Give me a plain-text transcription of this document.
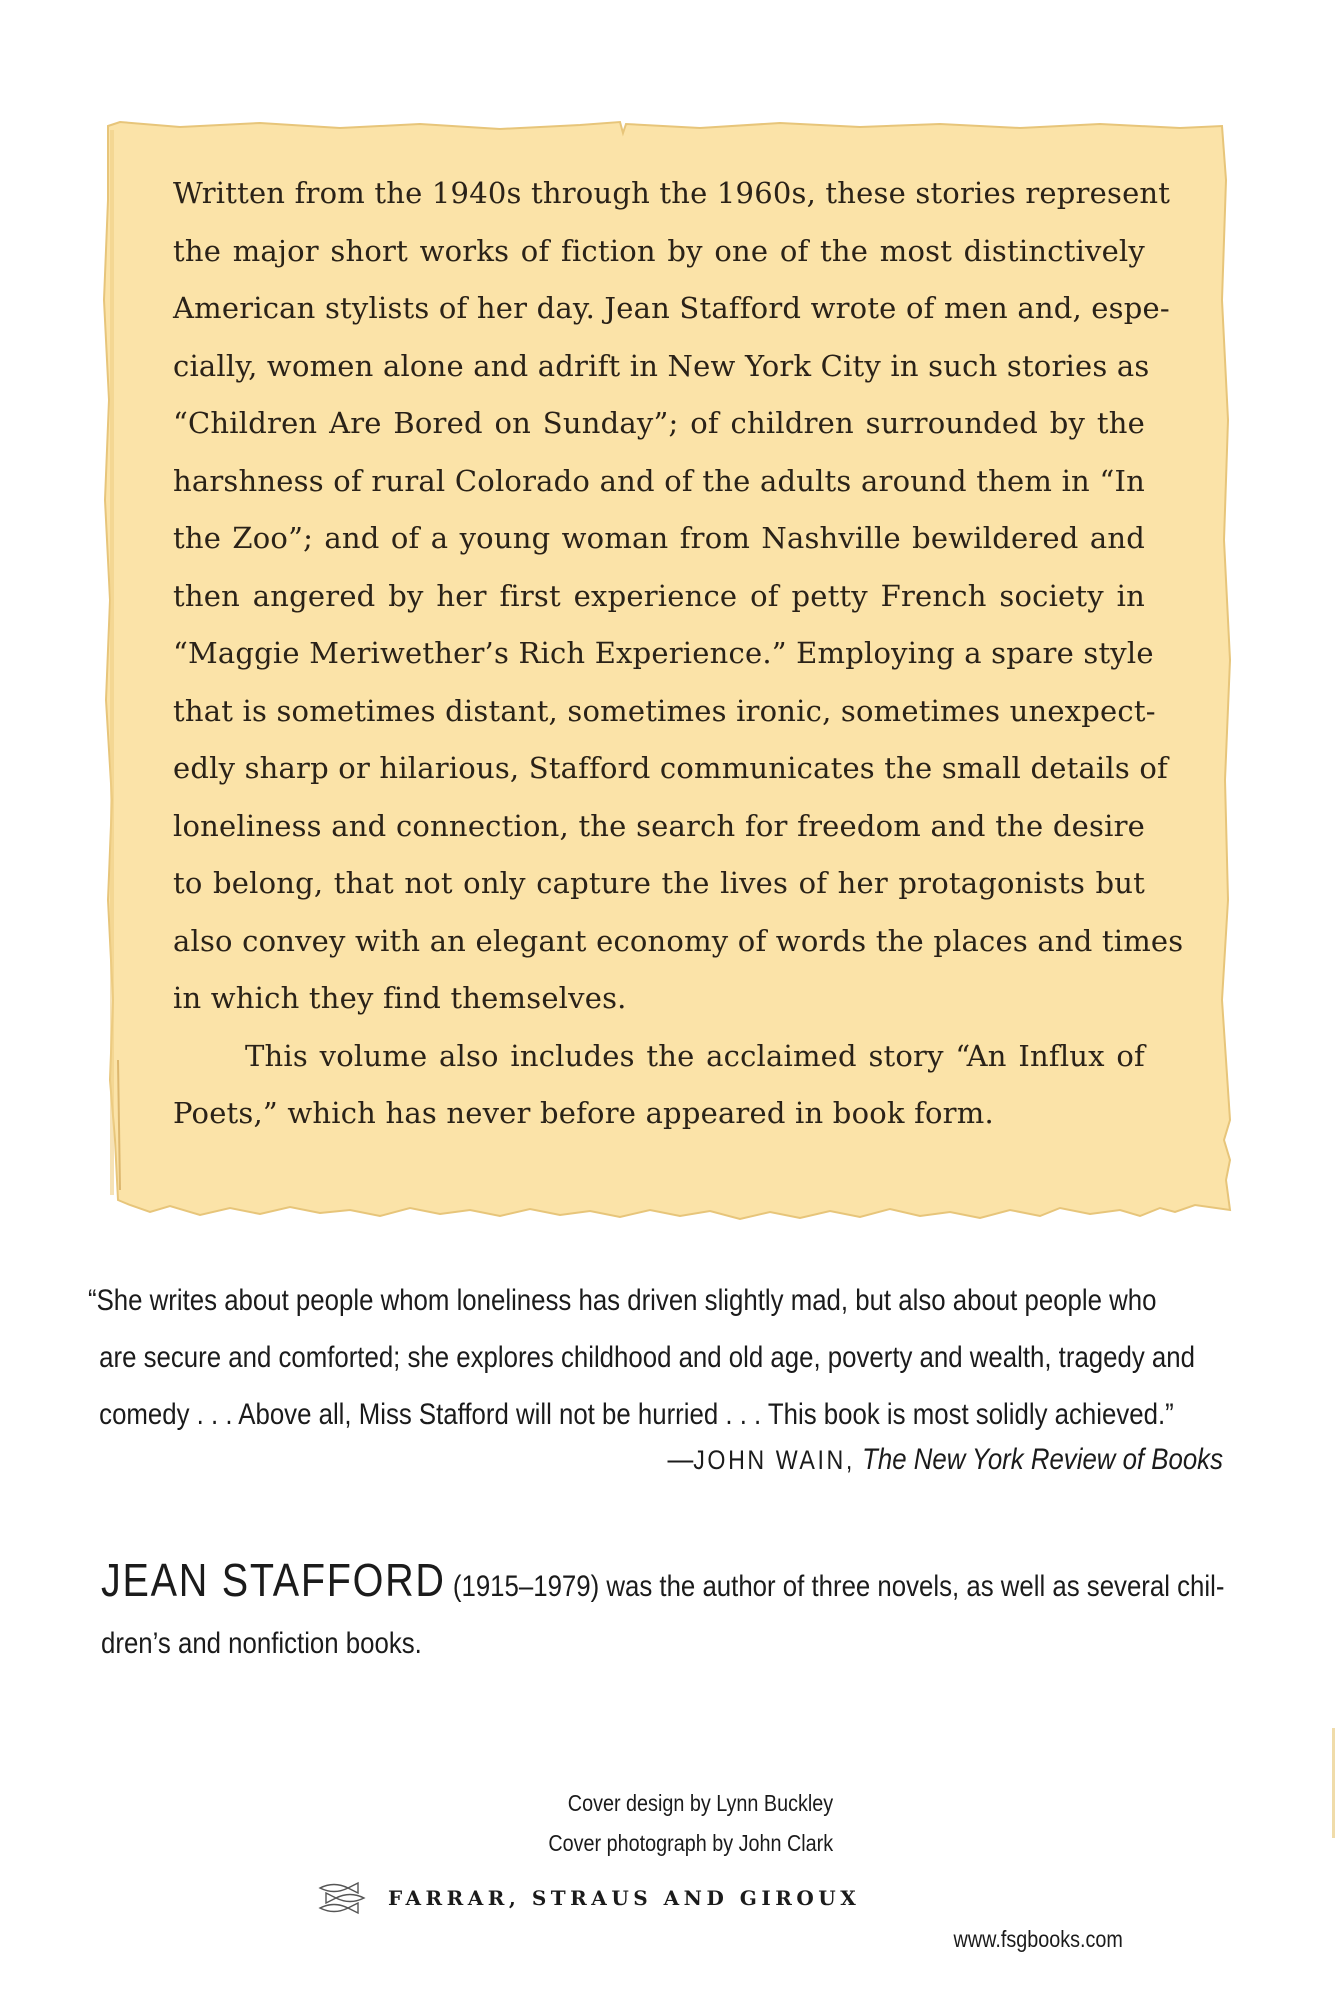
Written from the 1940s through the 1960s, these stories represent
the major short works of fiction by one of the most distinctively
American stylists of her day. Jean Stafford wrote of men and, espe-
cially, women alone and adrift in New York City in such stories as
“Children Are Bored on Sunday”; of children surrounded by the
harshness of rural Colorado and of the adults around them in “In
the Zoo”; and of a young woman from Nashville bewildered and
then angered by her first experience of petty French society in
“Maggie Meriwether’s Rich Experience.” Employing a spare style
that is sometimes distant, sometimes ironic, sometimes unexpect-
edly sharp or hilarious, Stafford communicates the small details of
loneliness and connection, the search for freedom and the desire
to belong, that not only capture the lives of her protagonists but
also convey with an elegant economy of words the places and times
in which they find themselves.

This volume also includes the acclaimed story “An Influx of
Poets,” which has never before appeared in book form.

“She writes about people whom loneliness has driven slightly mad, but also about people who
are secure and comforted; she explores childhood and old age, poverty and wealth, tragedy and
comedy . . . Above all, Miss Stafford will not be hurried . . . This book is most solidly achieved.”
—JOHN WAIN, The New York Review of Books
JEAN STAFFORD (1915–1979) was the author of three novels, as well as several chil-
dren’s and nonfiction books.
Cover design by Lynn Buckley
Cover photograph by John Clark
FARRAR, STRAUS AND GIROUX
www.fsgbooks.com
